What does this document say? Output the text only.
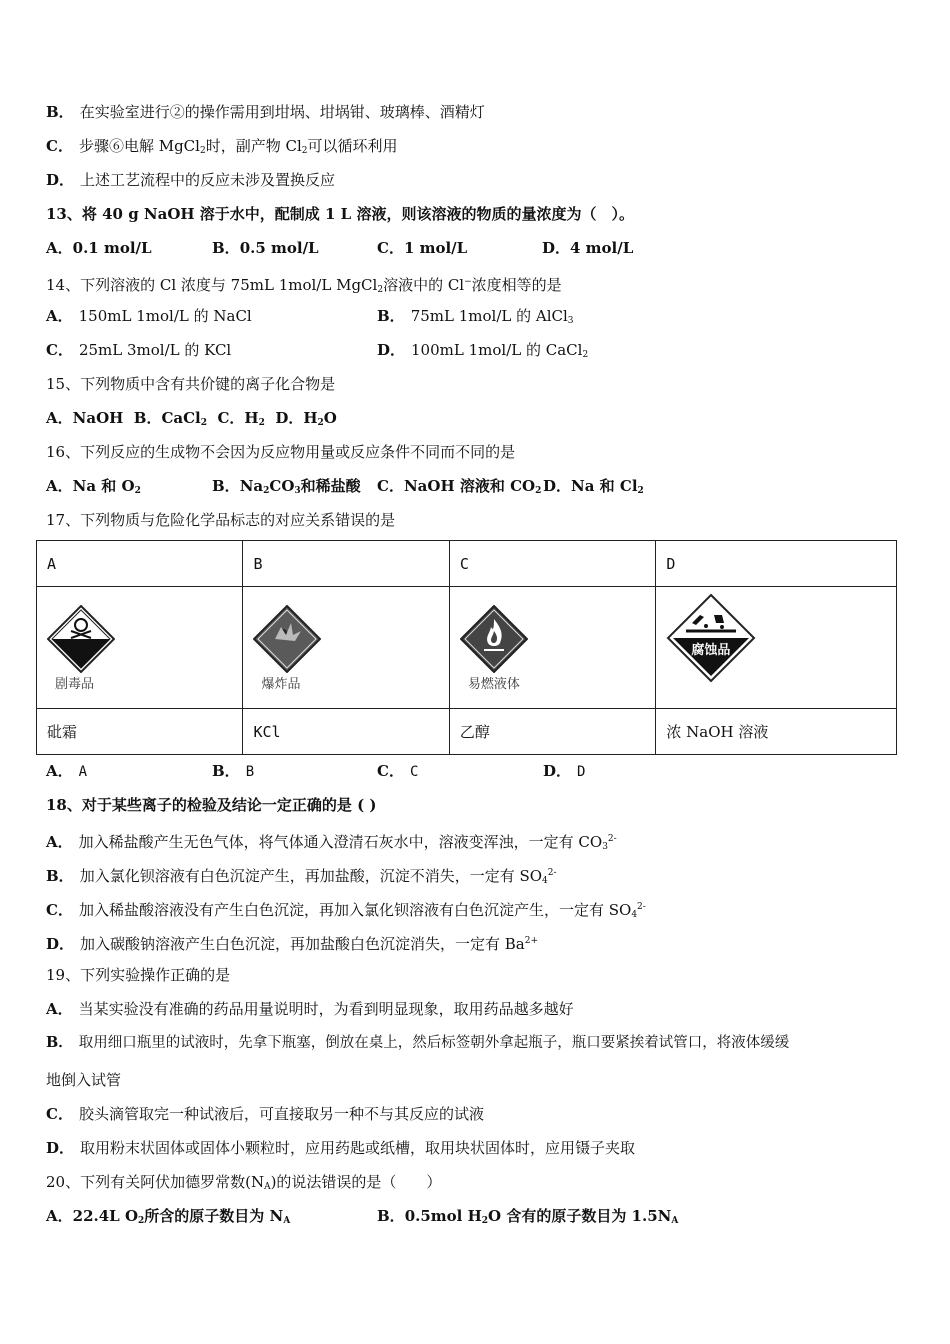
B． 在实验室进行②的操作需用到坩埚、坩埚钳、玻璃棒、酒精灯
C． 步骤⑥电解 MgCl$_2$时，副产物 $Cl_2$可以循环利用
D． 上述工艺流程中的反应未涉及置换反应
13、将 40 g NaOH 溶于水中，配制成 1 L 溶液，则该溶液的物质的量浓度为（　）。
A．0.1 mol/L	B．0.5 mol/L	C．1 mol/L	D．4 mol/L
14、下列溶液的 Cl 浓度与 75mL 1mol/L MgCl$_2$溶液中的 Cl−浓度相等的是
A． 150mL 1mol/L 的 NaCl	B． 75mL 1mol/L 的 AlCl$_3$
C． 25mL 3mol/L 的 KCl	D． 100mL 1mol/L 的 CaCl$_2$
15、下列物质中含有共价键的离子化合物是
A．NaOH B．CaCl$_2$ C．$H_2$ D．$H_2O$
16、下列反应的生成物不会因为反应物用量或反应条件不同而不同的是
A．Na 和 $O_2$	B．$Na_2CO_3$和稀盐酸 C．NaOH 溶液和 $CO_2$ D．Na 和 $Cl_2$
17、下列物质与危险化学品标志的对应关系错误的是
A	B	C	D

剧毒品	爆炸品	易燃液体	腐蚀品

砒霜	KCl	乙醇	浓 NaOH 溶液
A． A	B． B	C． C	D． D
18、对于某些离子的检验及结论一定正确的是 ( )
A． 加入稀盐酸产生无色气体，将气体通入澄清石灰水中，溶液变浑浊，一定有 $CO_3^{2-}$
B． 加入氯化钡溶液有白色沉淀产生，再加盐酸，沉淀不消失，一定有 $SO_4^{2-}$
C． 加入稀盐酸溶液没有产生白色沉淀，再加入氯化钡溶液有白色沉淀产生，一定有 $SO_4^{2-}$
D． 加入碳酸钠溶液产生白色沉淀，再加盐酸白色沉淀消失，一定有 $Ba^{2+}$
19、下列实验操作正确的是
A． 当某实验没有准确的药品用量说明时，为看到明显现象，取用药品越多越好
B． 取用细口瓶里的试液时，先拿下瓶塞，倒放在桌上，然后标签朝外拿起瓶子，瓶口要紧挨着试管口，将液体缓缓
地倒入试管
C． 胶头滴管取完一种试液后，可直接取另一种不与其反应的试液
D． 取用粉末状固体或固体小颗粒时，应用药匙或纸槽，取用块状固体时，应用镊子夹取
20、下列有关阿伏加德罗常数$(N_A)$的说法错误的是（　　）
A．22.4L $O_2$所含的原子数目为 $N_A$	B．0.5mol $H_2O$ 含有的原子数目为 $1.5N_A$
